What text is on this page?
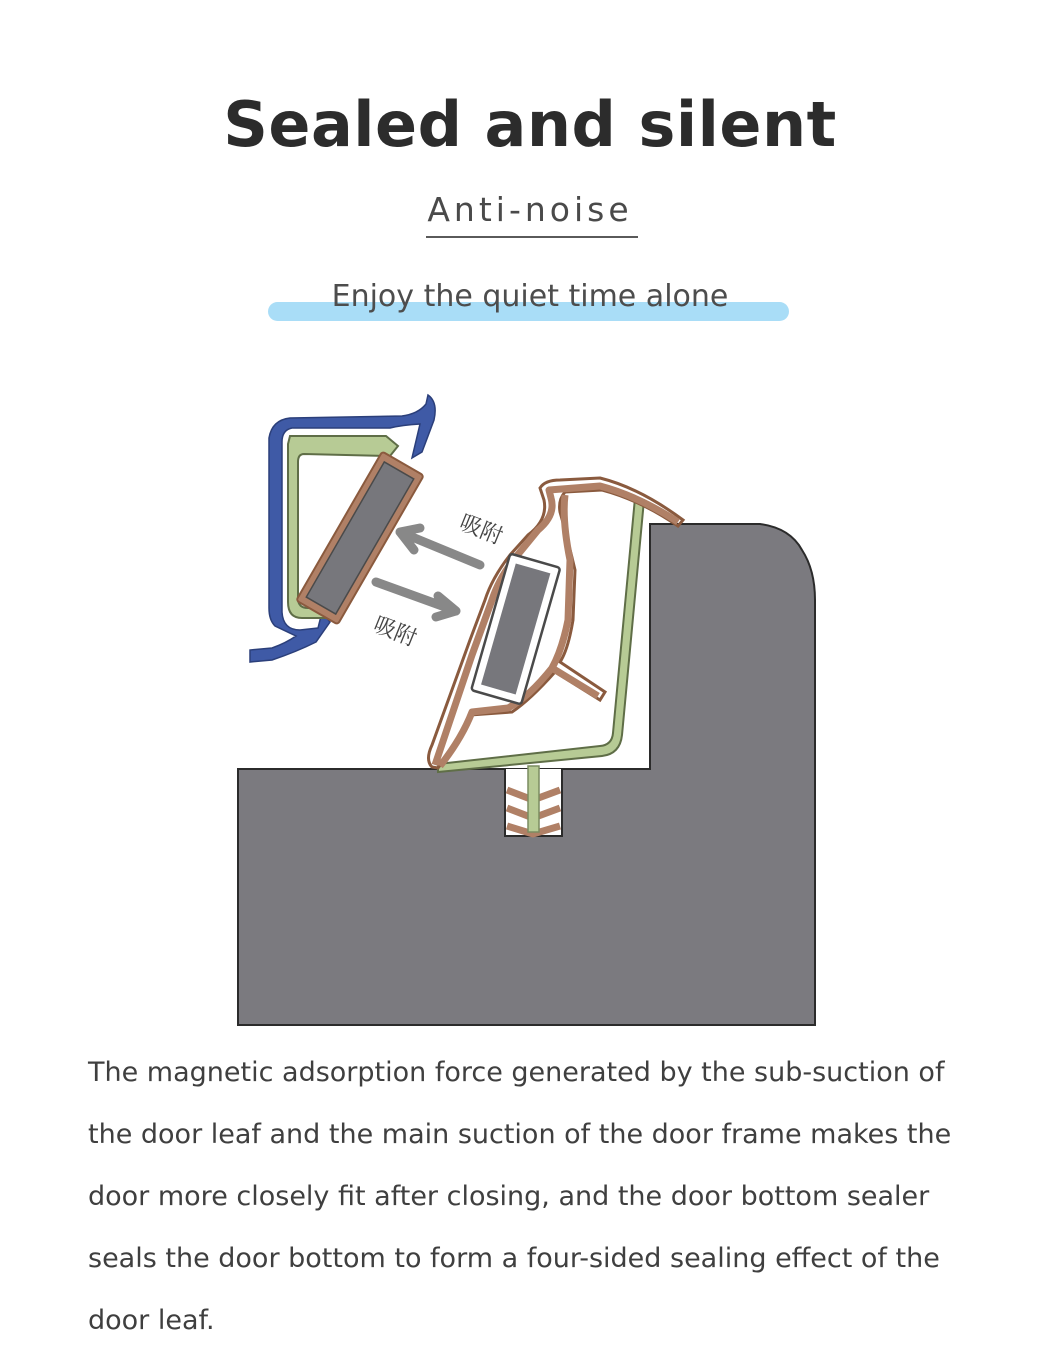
Sealed and silent

Anti-noise

Enjoy the quiet time alone

吸附
吸附

The magnetic adsorption force generated by the sub-suction of the door leaf and the main suction of the door frame makes the door more closely fit after closing, and the door bottom sealer seals the door bottom to form a four-sided sealing effect of the door leaf.
